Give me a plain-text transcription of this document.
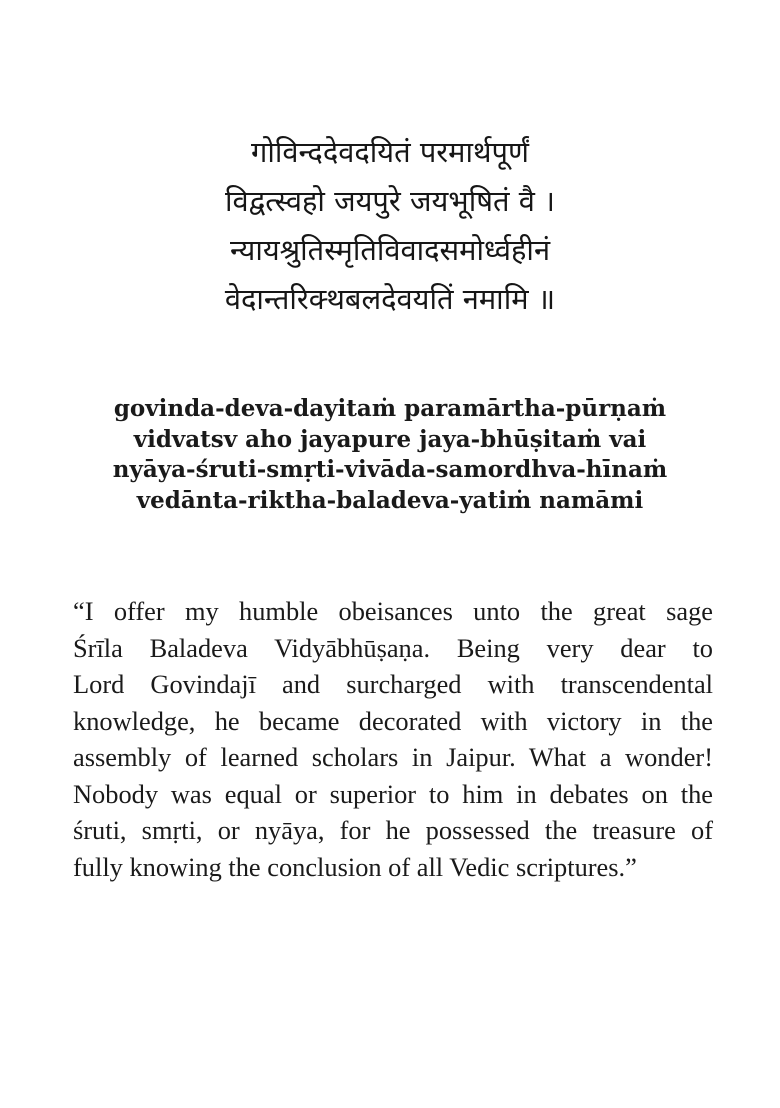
गोविन्ददेवदयितं परमार्थपूर्णं
विद्वत्स्वहो जयपुरे जयभूषितं वै ।
न्यायश्रुतिस्मृतिविवादसमोर्ध्वहीनं
वेदान्तरिक्थबलदेवयतिं नमामि ॥
govinda-deva-dayitaṁ paramārtha-pūrṇaṁ
vidvatsv aho jayapure jaya-bhūṣitaṁ vai
nyāya-śruti-smṛti-vivāda-samordhva-hīnaṁ
vedānta-riktha-baladeva-yatiṁ namāmi
“I offer my humble obeisances unto the great sage
Śrīla Baladeva Vidyābhūṣaṇa. Being very dear to
Lord Govindajī and surcharged with transcendental
knowledge, he became decorated with victory in the
assembly of learned scholars in Jaipur. What a wonder!
Nobody was equal or superior to him in debates on the
śruti, smṛti, or nyāya, for he possessed the treasure of
fully knowing the conclusion of all Vedic scriptures.”
